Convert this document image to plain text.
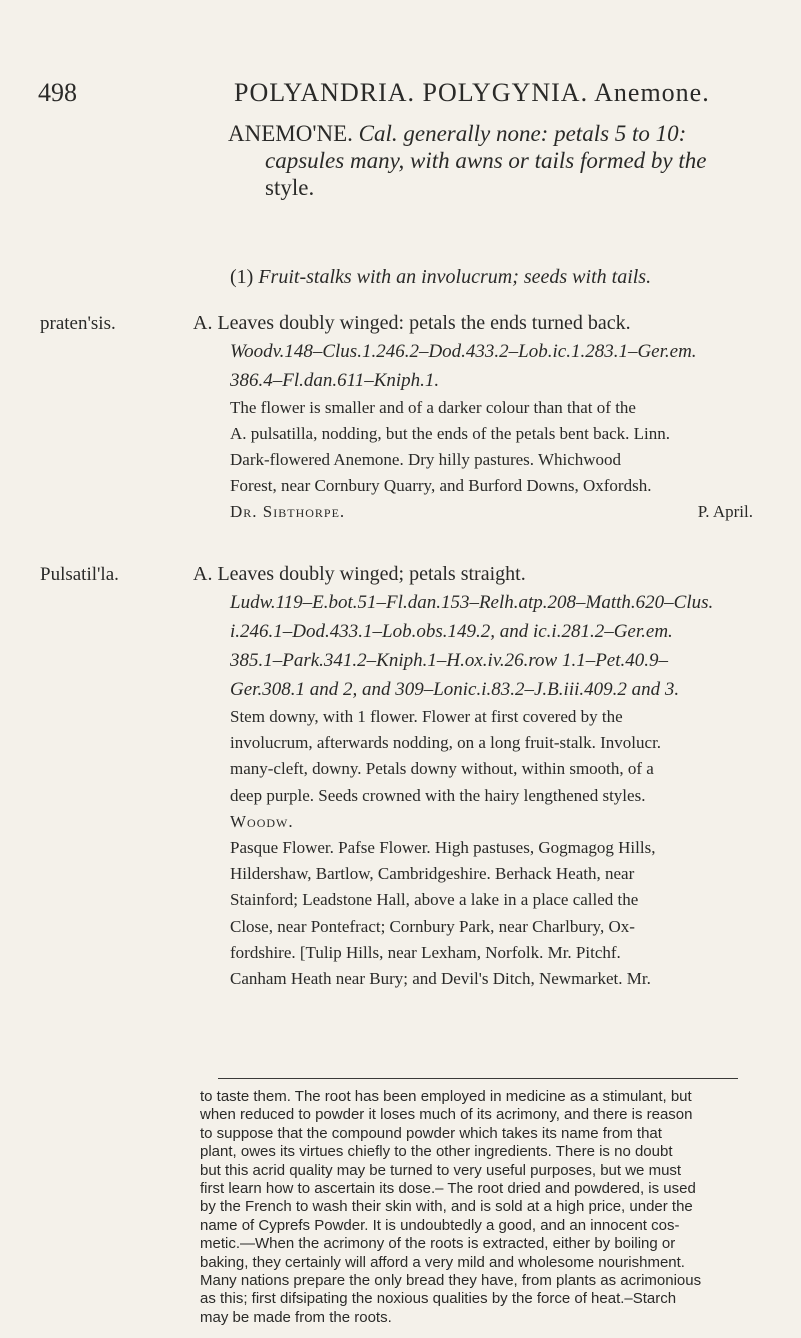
498	POLYANDRIA. POLYGYNIA. Anemone.
ANEMO'NE. Cal. generally none: petals 5 to 10:
capsules many, with awns or tails formed by the
style.
(1) Fruit-stalks with an involucrum; seeds with tails.
praten'sis.	A. Leaves doubly winged: petals the ends turned back.

Woodv.148–Clus.1.246.2–Dod.433.2–Lob.ic.1.283.1–Ger.em.
386.4–Fl.dan.611–Kniph.1.
The flower is smaller and of a darker colour than that of the
A. pulsatilla, nodding, but the ends of the petals bent back. Linn.
Dark-flowered Anemone. Dry hilly pastures. Whichwood
Forest, near Cornbury Quarry, and Burford Downs, Oxfordsh.
Dr. Sibthorpe.	P. April.
Pulsatil'la.	A. Leaves doubly winged; petals straight.

Ludw.119–E.bot.51–Fl.dan.153–Relh.atp.208–Matth.620–Clus.
i.246.1–Dod.433.1–Lob.obs.149.2, and ic.i.281.2–Ger.em.
385.1–Park.341.2–Kniph.1–H.ox.iv.26.row 1.1–Pet.40.9–
Ger.308.1 and 2, and 309–Lonic.i.83.2–J.B.iii.409.2 and 3.
Stem downy, with 1 flower. Flower at first covered by the
involucrum, afterwards nodding, on a long fruit-stalk. Involucr.
many-cleft, downy. Petals downy without, within smooth, of a
deep purple. Seeds crowned with the hairy lengthened styles.
Woodw.
Pasque Flower. Pafse Flower. High pastuses, Gogmagog Hills,
Hildershaw, Bartlow, Cambridgeshire. Berhack Heath, near
Stainford; Leadstone Hall, above a lake in a place called the
Close, near Pontefract; Cornbury Park, near Charlbury, Ox-
fordshire. [Tulip Hills, near Lexham, Norfolk. Mr. Pitchf.
Canham Heath near Bury; and Devil's Ditch, Newmarket. Mr.

to taste them. The root has been employed in medicine as a stimulant, but

when reduced to powder it loses much of its acrimony, and there is reason

to suppose that the compound powder which takes its name from that

plant, owes its virtues chiefly to the other ingredients. There is no doubt

but this acrid quality may be turned to very useful purposes, but we must

first learn how to ascertain its dose.– The root dried and powdered, is used

by the French to wash their skin with, and is sold at a high price, under the

name of Cyprefs Powder. It is undoubtedly a good, and an innocent cos-

metic.—When the acrimony of the roots is extracted, either by boiling or

baking, they certainly will afford a very mild and wholesome nourishment.

Many nations prepare the only bread they have, from plants as acrimonious

as this; first difsipating the noxious qualities by the force of heat.–Starch

may be made from the roots.
